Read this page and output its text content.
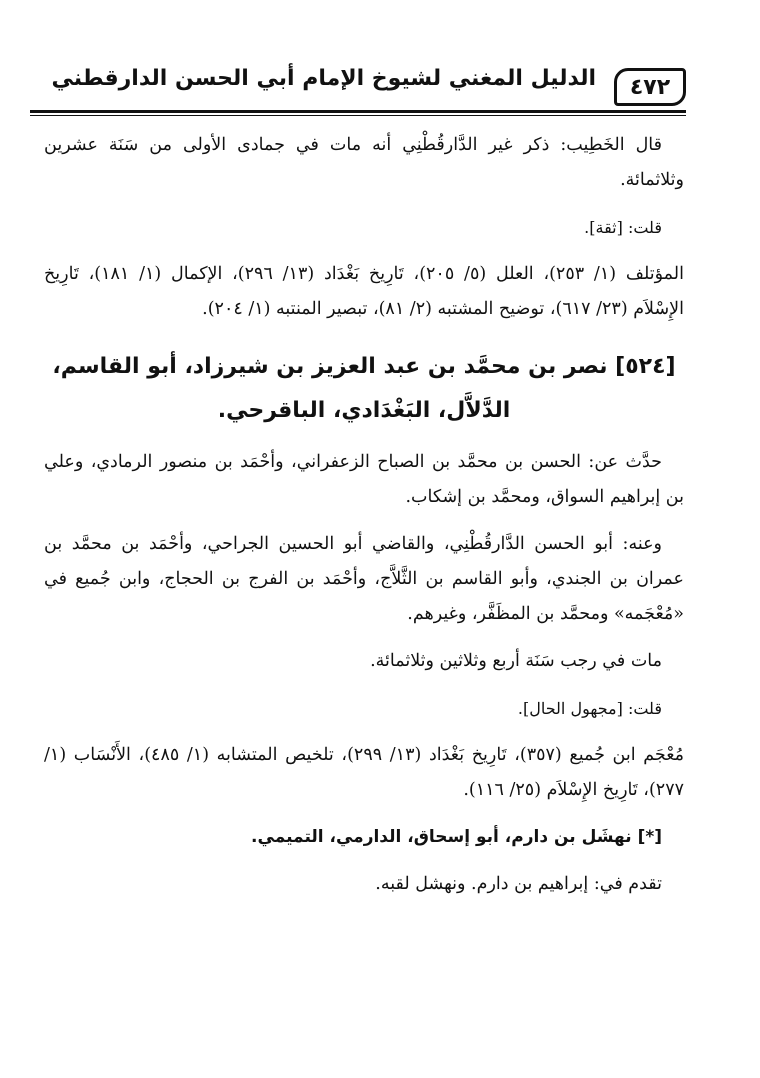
٤٧٢
الدليل المغني لشيوخ الإمام أبي الحسن الدارقطني

قال الخَطِيب: ذكر غير الدَّارقُطْنِي أنه مات في جمادى الأولى من سَنَة عشرين وثلاثمائة.

قلت: [ثقة].

المؤتلف (١/ ٢٥٣)، العلل (٥/ ٢٠٥)، تَارِيخ بَغْدَاد (١٣/ ٢٩٦)، الإكمال (١/ ١٨١)، تَارِيخ الإِسْلاَم (٢٣/ ٦١٧)، توضيح المشتبه (٢/ ٨١)، تبصير المنتبه (١/ ٢٠٤).

[٥٢٤] نصر بن محمَّد بن عبد العزيز بن شيرزاد، أبو القاسم، الدَّلاَّل، البَغْدَادي، الباقرحي.

حدَّث عن: الحسن بن محمَّد بن الصباح الزعفراني، وأحْمَد بن منصور الرمادي، وعلي بن إبراهيم السواق، ومحمَّد بن إشكاب.

وعنه: أبو الحسن الدَّارقُطْنِي، والقاضي أبو الحسين الجراحي، وأحْمَد بن محمَّد بن عمران بن الجندي، وأبو القاسم بن الثَّلاَّج، وأحْمَد بن الفرج بن الحجاج، وابن جُميع في «مُعْجَمه» ومحمَّد بن المظَفَّر، وغيرهم.

مات في رجب سَنَة أربع وثلاثين وثلاثمائة.

قلت: [مجهول الحال].

مُعْجَم ابن جُميع (٣٥٧)، تَارِيخ بَغْدَاد (١٣/ ٢٩٩)، تلخيص المتشابه (١/ ٤٨٥)، الأَنْسَاب (١/ ٢٧٧)، تَارِيخ الإِسْلاَم (٢٥/ ١١٦).

[*] نهشَل بن دارم، أبو إسحاق، الدارمي، التميمي.

تقدم في: إبراهيم بن دارم. ونهشل لقبه.
